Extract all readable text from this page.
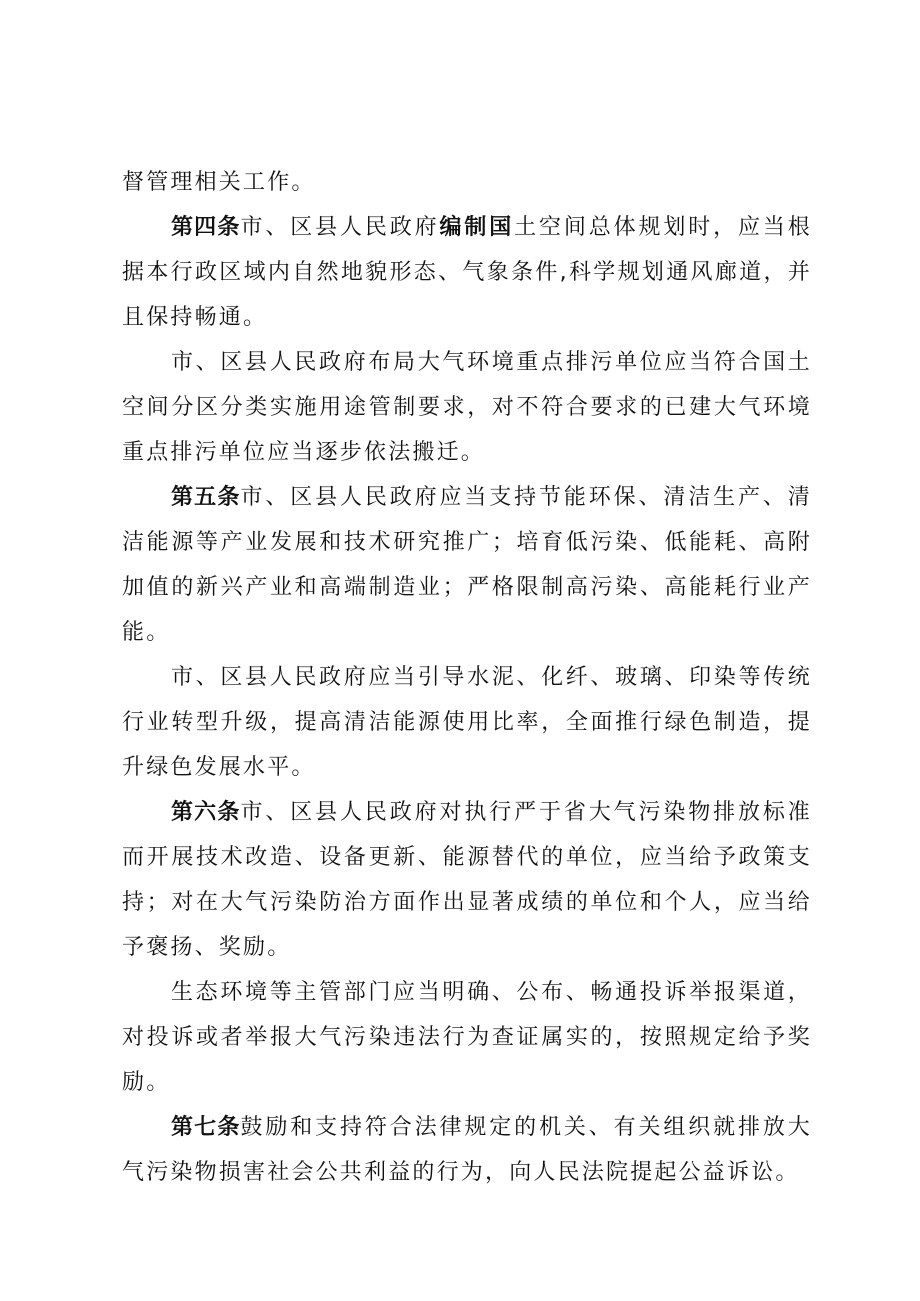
督管理相关工作。

第四条市、区县人民政府编制国土空间总体规划时，应当根据本行政区域内自然地貌形态、气象条件,科学规划通风廊道，并且保持畅通。

市、区县人民政府布局大气环境重点排污单位应当符合国土空间分区分类实施用途管制要求，对不符合要求的已建大气环境重点排污单位应当逐步依法搬迁。

第五条市、区县人民政府应当支持节能环保、清洁生产、清洁能源等产业发展和技术研究推广；培育低污染、低能耗、高附加值的新兴产业和高端制造业；严格限制高污染、高能耗行业产能。

市、区县人民政府应当引导水泥、化纤、玻璃、印染等传统行业转型升级，提高清洁能源使用比率，全面推行绿色制造，提升绿色发展水平。

第六条市、区县人民政府对执行严于省大气污染物排放标准而开展技术改造、设备更新、能源替代的单位，应当给予政策支持；对在大气污染防治方面作出显著成绩的单位和个人，应当给予褒扬、奖励。

生态环境等主管部门应当明确、公布、畅通投诉举报渠道，对投诉或者举报大气污染违法行为查证属实的，按照规定给予奖励。

第七条鼓励和支持符合法律规定的机关、有关组织就排放大气污染物损害社会公共利益的行为，向人民法院提起公益诉讼。
